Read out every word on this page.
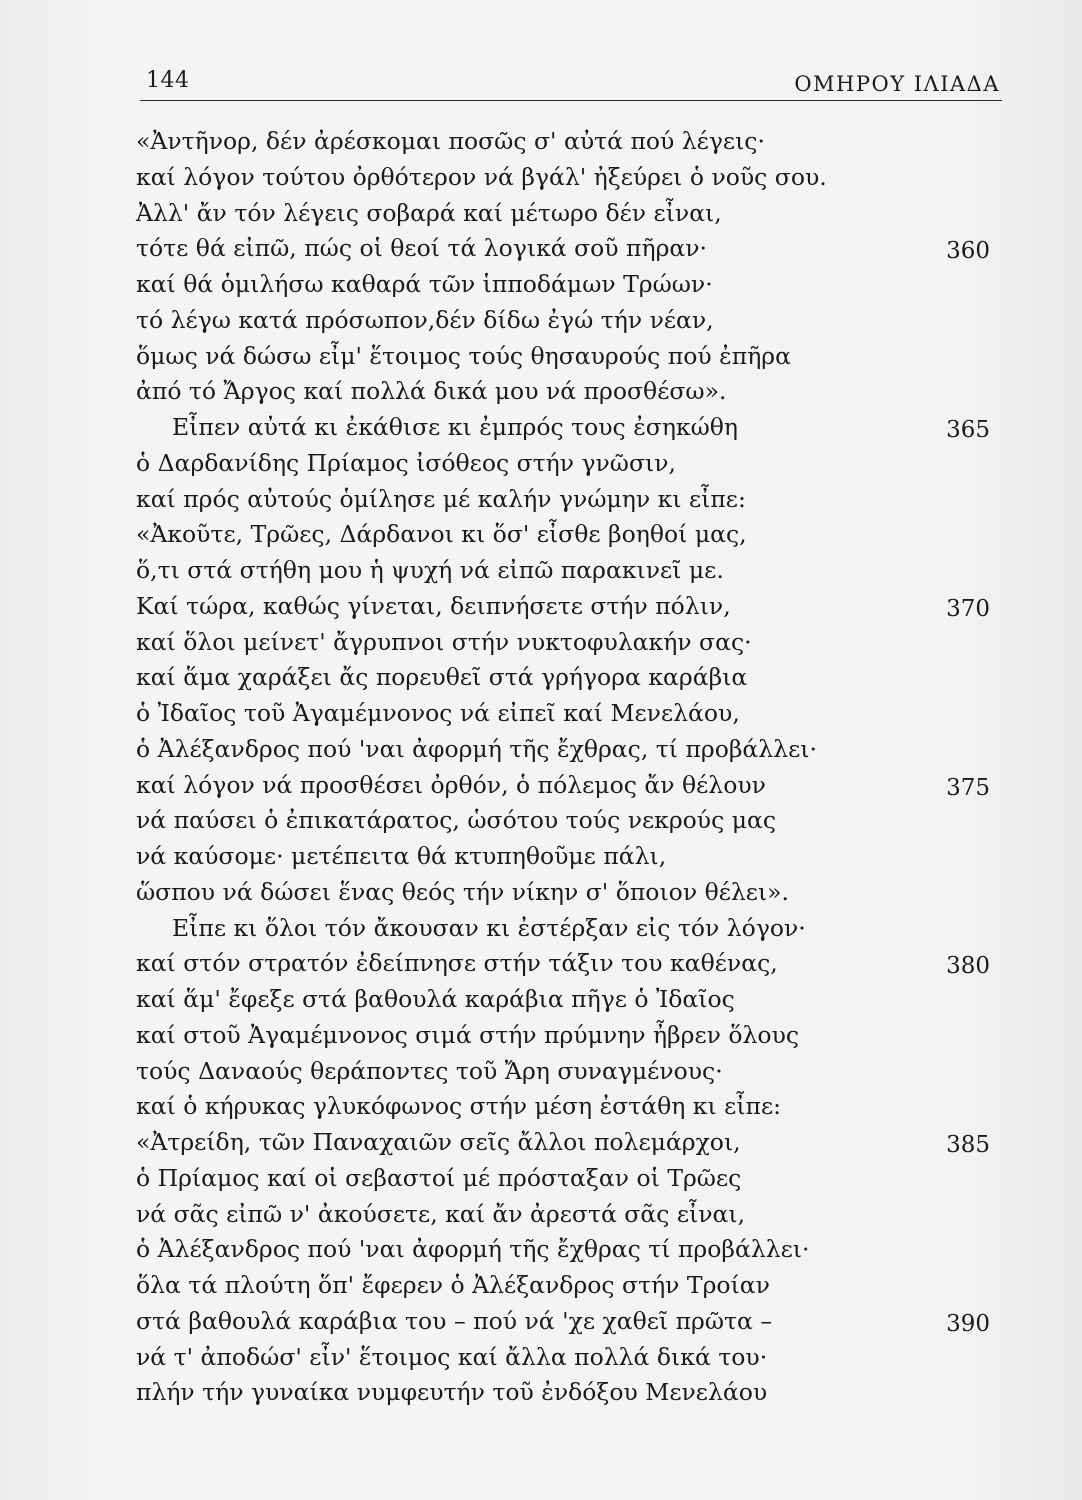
144	ΟΜΗΡΟΥ ΙΛΙΑΔΑ
«Ἀντῆνορ, δέν ἀρέσκομαι ποσῶς σ' αὐτά πού λέγεις·
καί λόγον τούτου ὀρθότερον νά βγάλ' ἠξεύρει ὁ νοῦς σου.
Ἀλλ' ἄν τόν λέγεις σοβαρά καί μέτωρο δέν εἶναι,
τότε θά εἰπῶ, πώς οἱ θεοί τά λογικά σοῦ πῆραν·	360
καί θά ὁμιλήσω καθαρά τῶν ἱπποδάμων Τρώων·
τό λέγω κατά πρόσωπον,δέν δίδω ἐγώ τήν νέαν,
ὅμως νά δώσω εἶμ' ἕτοιμος τούς θησαυρούς πού ἐπῆρα
ἀπό τό Ἄργος καί πολλά δικά μου νά προσθέσω».
Εἶπεν αὐτά κι ἐκάθισε κι ἐμπρός τους ἐσηκώθη	365
ὁ Δαρδανίδης Πρίαμος ἰσόθεος στήν γνῶσιν,
καί πρός αὐτούς ὁμίλησε μέ καλήν γνώμην κι εἶπε:
«Ἀκοῦτε, Τρῶες, Δάρδανοι κι ὅσ' εἶσθε βοηθοί μας,
ὅ,τι στά στήθη μου ἡ ψυχή νά εἰπῶ παρακινεῖ με.
Καί τώρα, καθώς γίνεται, δειπνήσετε στήν πόλιν,	370
καί ὅλοι μείνετ' ἄγρυπνοι στήν νυκτοφυλακήν σας·
καί ἅμα χαράξει ἄς πορευθεῖ στά γρήγορα καράβια
ὁ Ἰδαῖος τοῦ Ἀγαμέμνονος νά εἰπεῖ καί Μενελάου,
ὁ Ἀλέξανδρος πού 'ναι ἀφορμή τῆς ἔχθρας, τί προβάλλει·
καί λόγον νά προσθέσει ὀρθόν, ὁ πόλεμος ἄν θέλουν	375
νά παύσει ὁ ἐπικατάρατος, ὡσότου τούς νεκρούς μας
νά καύσομε· μετέπειτα θά κτυπηθοῦμε πάλι,
ὥσπου νά δώσει ἕνας θεός τήν νίκην σ' ὅποιον θέλει».
Εἶπε κι ὅλοι τόν ἄκουσαν κι ἐστέρξαν εἰς τόν λόγον·
καί στόν στρατόν ἐδείπνησε στήν τάξιν του καθένας,	380
καί ἅμ' ἔφεξε στά βαθουλά καράβια πῆγε ὁ Ἰδαῖος
καί στοῦ Ἀγαμέμνονος σιμά στήν πρύμνην ἦβρεν ὅλους
τούς Δαναούς θεράποντες τοῦ Ἄρη συναγμένους·
καί ὁ κήρυκας γλυκόφωνος στήν μέση ἐστάθη κι εἶπε:
«Ἀτρείδη, τῶν Παναχαιῶν σεῖς ἄλλοι πολεμάρχοι,	385
ὁ Πρίαμος καί οἱ σεβαστοί μέ πρόσταξαν οἱ Τρῶες
νά σᾶς εἰπῶ ν' ἀκούσετε, καί ἄν ἀρεστά σᾶς εἶναι,
ὁ Ἀλέξανδρος πού 'ναι ἀφορμή τῆς ἔχθρας τί προβάλλει·
ὅλα τά πλούτη ὅπ' ἔφερεν ὁ Ἀλέξανδρος στήν Τροίαν
στά βαθουλά καράβια του – πού νά 'χε χαθεῖ πρῶτα –	390
νά τ' ἀποδώσ' εἶν' ἕτοιμος καί ἄλλα πολλά δικά του·
πλήν τήν γυναίκα νυμφευτήν τοῦ ἐνδόξου Μενελάου
